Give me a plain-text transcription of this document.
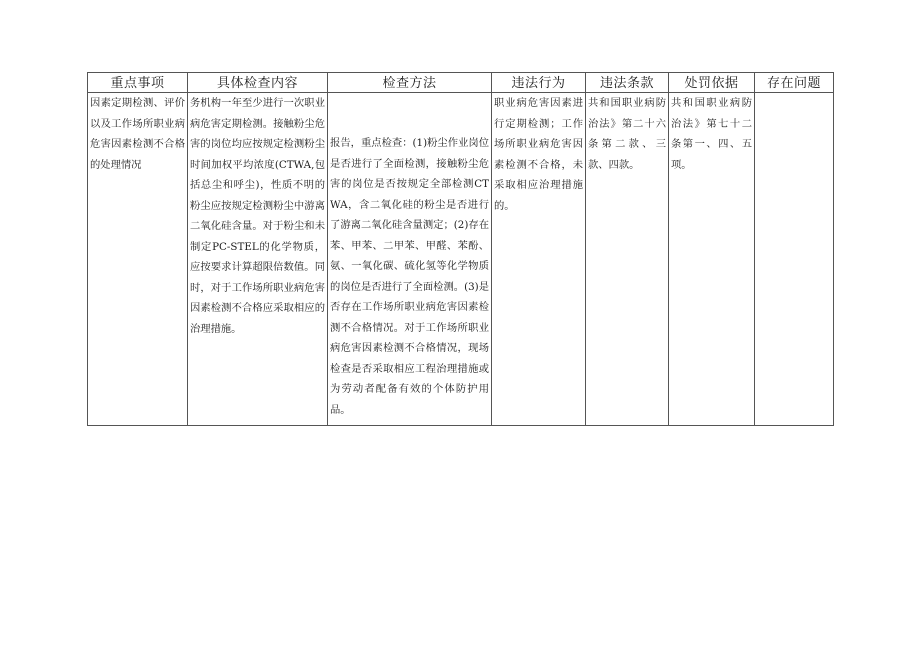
重点事项	具体检查内容	检查方法	违法行为	违法条款	处罚依据	存在问题

因素定期检测、评价以及工作场所职业病危害因素检测不合格的处理情况	务机构一年至少进行一次职业病危害定期检测。接触粉尘危害的岗位均应按规定检测粉尘时间加权平均浓度(CTWA,包括总尘和呼尘)，性质不明的粉尘应按规定检测粉尘中游离二氧化硅含量。对于粉尘和未制定PC-STEL的化学物质，应按要求计算超限倍数值。同时，对于工作场所职业病危害因素检测不合格应采取相应的治理措施。	报告，重点检查：(1)粉尘作业岗位是否进行了全面检测，接触粉尘危害的岗位是否按规定全部检测CTWA，含二氧化硅的粉尘是否进行了游离二氧化硅含量测定；(2)存在苯、甲苯、二甲苯、甲醛、苯酚、氨、一氧化碳、硫化氢等化学物质的岗位是否进行了全面检测。(3)是否存在工作场所职业病危害因素检测不合格情况。对于工作场所职业病危害因素检测不合格情况，现场检查是否采取相应工程治理措施或为劳动者配备有效的个体防护用品。	职业病危害因素进行定期检测；工作场所职业病危害因素检测不合格，未采取相应治理措施的。	共和国职业病防治法》第二十六条第二款、三款、四款。	共和国职业病防治法》第七十二条第一、四、五项。	
